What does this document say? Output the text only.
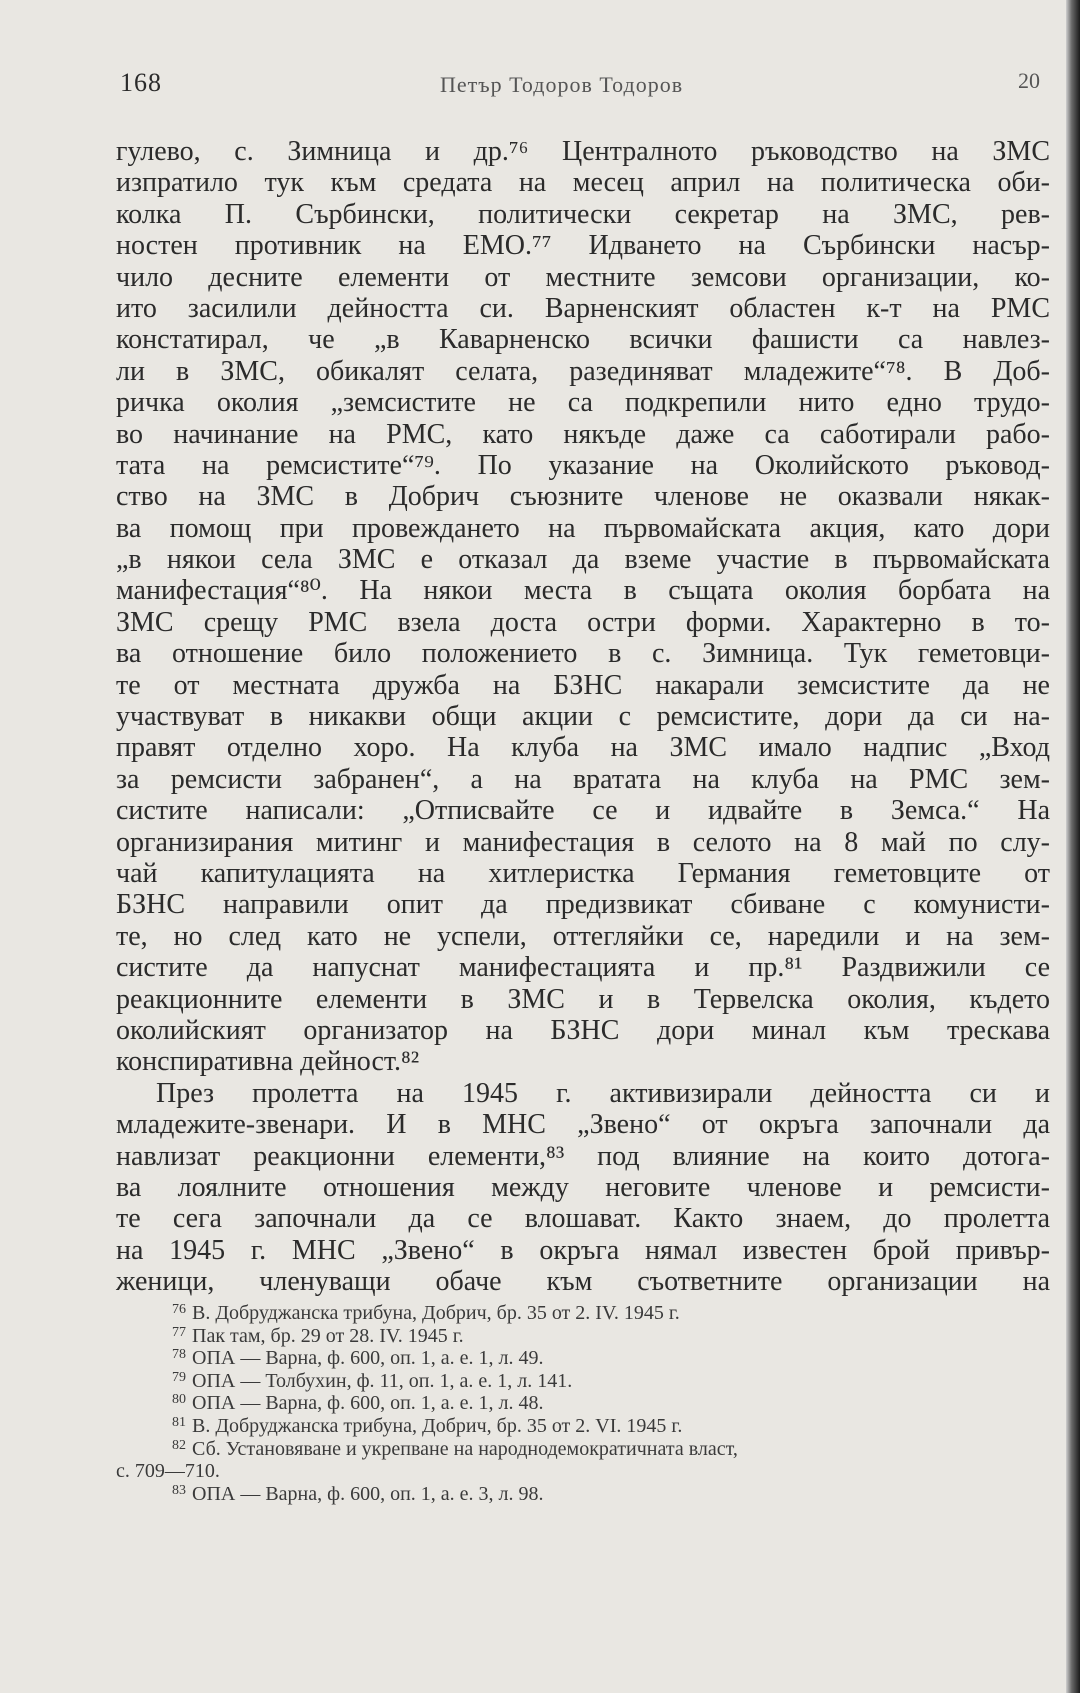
168	Петър Тодоров Тодоров	20
гулево, с. Зимница и др.⁷⁶ Централното ръководство на ЗМС
изпратило тук към средата на месец април на политическа оби-
колка П. Сърбински, политически секретар на ЗМС, рев-
ностен противник на ЕМО.⁷⁷ Идването на Сърбински насър-
чило десните елементи от местните земсови организации, ко-
ито засилили дейността си. Варненският областен к-т на РМС
констатирал, че „в Каварненско всички фашисти са навлез-
ли в ЗМС, обикалят селата, разединяват младежите“⁷⁸. В Доб-
ричка околия „земсистите не са подкрепили нито едно трудо-
во начинание на РМС, като някъде даже са саботирали рабо-
тата на ремсистите“⁷⁹. По указание на Околийското ръковод-
ство на ЗМС в Добрич съюзните членове не оказвали някак-
ва помощ при провеждането на първомайската акция, като дори
„в някои села ЗМС е отказал да вземе участие в първомайската
манифестация“⁸⁰. На някои места в същата околия борбата на
ЗМС срещу РМС взела доста остри форми. Характерно в то-
ва отношение било положението в с. Зимница. Тук геметовци-
те от местната дружба на БЗНС накарали земсистите да не
участвуват в никакви общи акции с ремсистите, дори да си на-
правят отделно хоро. На клуба на ЗМС имало надпис „Вход
за ремсисти забранен“, а на вратата на клуба на РМС зем-
систите написали: „Отписвайте се и идвайте в Земса.“ На
организирания митинг и манифестация в селото на 8 май по слу-
чай капитулацията на хитлеристка Германия геметовците от
БЗНС направили опит да предизвикат сбиване с комунисти-
те, но след като не успели, оттегляйки се, наредили и на зем-
систите да напуснат манифестацията и пр.⁸¹ Раздвижили се
реакционните елементи в ЗМС и в Тервелска околия, където
околийският организатор на БЗНС дори минал към трескава
конспиративна дейност.⁸²
През пролетта на 1945 г. активизирали дейността си и
младежите-звенари. И в МНС „Звено“ от окръга започнали да
навлизат реакционни елементи,⁸³ под влияние на които дотога-
ва лоялните отношения между неговите членове и ремсисти-
те сега започнали да се влошават. Както знаем, до пролетта
на 1945 г. МНС „Звено“ в окръга нямал известен брой привър-
женици, членуващи обаче към съответните организации на
76 В. Добруджанска трибуна, Добрич, бр. 35 от 2. IV. 1945 г.
77 Пак там, бр. 29 от 28. IV. 1945 г.
78 ОПА — Варна, ф. 600, оп. 1, а. е. 1, л. 49.
79 ОПА — Толбухин, ф. 11, оп. 1, а. е. 1, л. 141.
80 ОПА — Варна, ф. 600, оп. 1, а. е. 1, л. 48.
81 В. Добруджанска трибуна, Добрич, бр. 35 от 2. VI. 1945 г.
82 Сб. Установяване и укрепване на народнодемократичната власт,
с. 709—710.
83 ОПА — Варна, ф. 600, оп. 1, а. е. 3, л. 98.
